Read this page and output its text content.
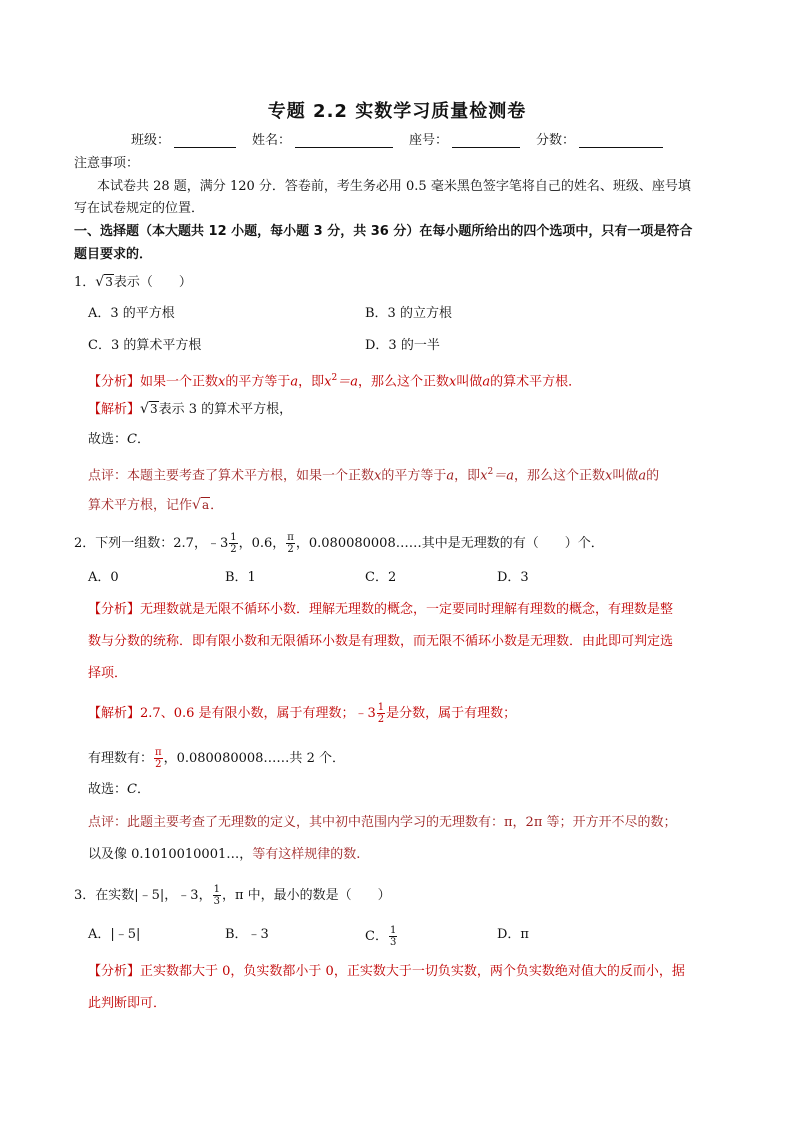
专题 2.2 实数学习质量检测卷
班级：	姓名：	座号：	分数：
注意事项：
本试卷共 28 题，满分 120 分．答卷前，考生务必用 0.5 毫米黑色签字笔将自己的姓名、班级、座号填
写在试卷规定的位置．
一、选择题（本大题共 12 小题，每小题 3 分，共 36 分）在每小题所给出的四个选项中，只有一项是符合
题目要求的．
1．√3表示（　　）
A．3 的平方根	B．3 的立方根
C．3 的算术平方根	D．3 的一半
【分析】如果一个正数x的平方等于a，即$x^2=a$，那么这个正数x叫做a的算术平方根．
【解析】√3表示 3 的算术平方根，
故选：C．
点评：本题主要考查了算术平方根，如果一个正数x的平方等于a，即$x^2=a$，那么这个正数x叫做a的
算术平方根，记作√a．
2．下列一组数：2.7，﹣3 $\frac{1}{2}$ ，0.6， $\frac{\pi}{2}$ ，0.080080008……其中是无理数的有（　　）个．
A．0	B．1	C．2	D．3
【分析】无理数就是无限不循环小数．理解无理数的概念，一定要同时理解有理数的概念，有理数是整
数与分数的统称．即有限小数和无限循环小数是有理数，而无限不循环小数是无理数．由此即可判定选
择项．
【解析】2.7、0.6 是有限小数，属于有理数；﹣3 $\frac{1}{2}$ 是分数，属于有理数；
有理数有： $\frac{\pi}{2}$ ，0.080080008……共 2 个．
故选：C．
点评：此题主要考查了无理数的定义，其中初中范围内学习的无理数有：π，2π 等；开方开不尽的数；
以及像 0.1010010001…，等有这样规律的数.
3．在实数|﹣5|，﹣3， $\frac{1}{3}$ ，π 中，最小的数是（　　）
A．|﹣5|	B．﹣3	C． $\frac{1}{3}$	D．π
【分析】正实数都大于 0，负实数都小于 0，正实数大于一切负实数，两个负实数绝对值大的反而小，据
此判断即可．
